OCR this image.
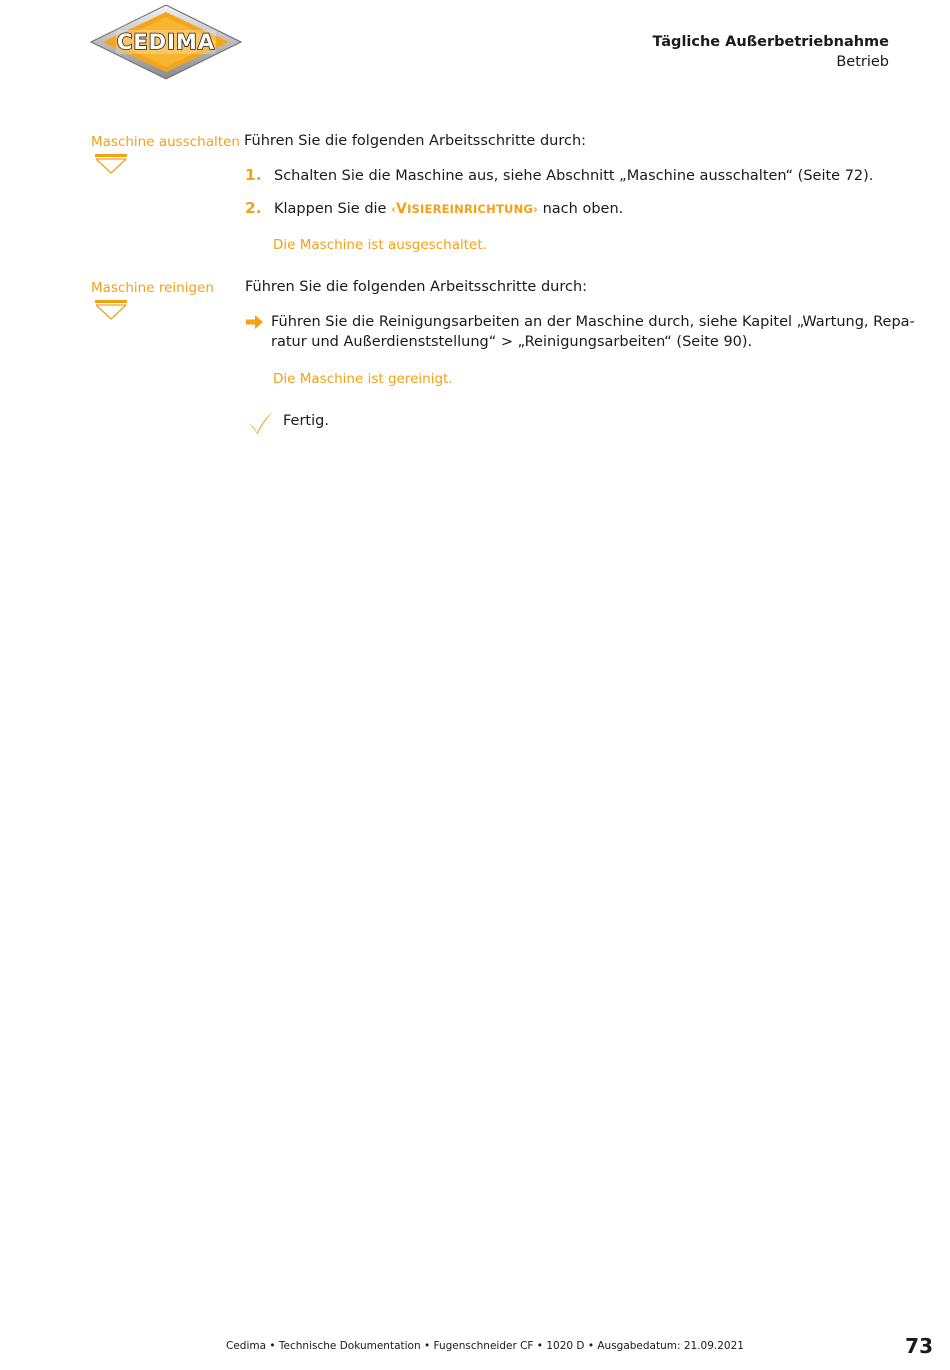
CEDIMA	Tägliche Außerbetriebnahme
Betrieb
Maschine ausschalten Führen Sie die folgenden Arbeitsschritte durch:
1. Schalten Sie die Maschine aus, siehe Abschnitt „Maschine ausschalten“ (Seite 72).
2. Klappen Sie die ‹VISIEREINRICHTUNG› nach oben.
Die Maschine ist ausgeschaltet.
Maschine reinigen Führen Sie die folgenden Arbeitsschritte durch:
Führen Sie die Reinigungsarbeiten an der Maschine durch, siehe Kapitel „Wartung, Repa-
ratur und Außerdienststellung“ > „Reinigungsarbeiten“ (Seite 90).
Die Maschine ist gereinigt.
Fertig.
Cedima • Technische Dokumentation • Fugenschneider CF • 1020 D • Ausgabedatum: 21.09.2021	73
